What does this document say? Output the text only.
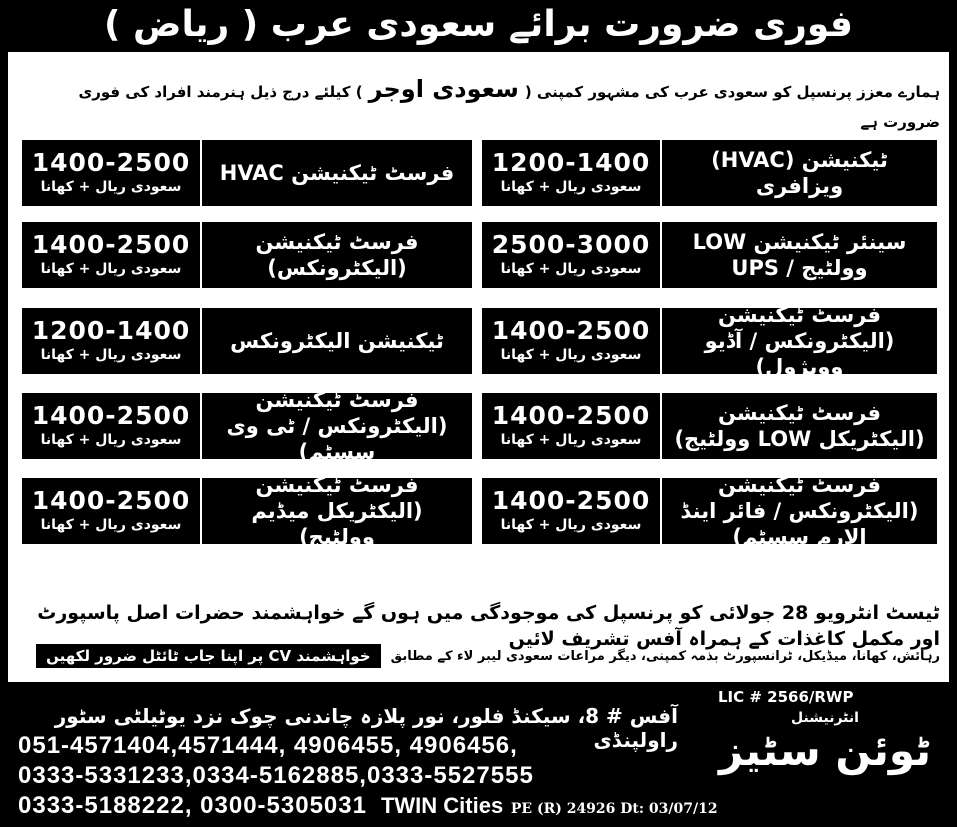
فوری ضرورت برائے سعودی عرب ( ریاض )
ہمارے معزز پرنسپل کو سعودی عرب کی مشہور کمپنی (سعودی اوجر) کیلئے درج ذیل ہنرمند افراد کی فوری ضرورت ہے
1200-1400
سعودی ریال + کھانا
ٹیکنیشن (HVAC) ویزافری
1400-2500
سعودی ریال + کھانا
فرسٹ ٹیکنیشن HVAC
2500-3000
سعودی ریال + کھانا
سینئر ٹیکنیشن LOW وولٹیج / UPS
1400-2500
سعودی ریال + کھانا
فرسٹ ٹیکنیشن (الیکٹرونکس)
1400-2500
سعودی ریال + کھانا
فرسٹ ٹیکنیشن (الیکٹرونکس / آڈیو وویژول)
1200-1400
سعودی ریال + کھانا
ٹیکنیشن الیکٹرونکس
1400-2500
سعودی ریال + کھانا
فرسٹ ٹیکنیشن (الیکٹریکل LOW وولٹیج)
1400-2500
سعودی ریال + کھانا
فرسٹ ٹیکنیشن (الیکٹرونکس / ٹی وی سسٹم)
1400-2500
سعودی ریال + کھانا
فرسٹ ٹیکنیشن (الیکٹرونکس / فائر اینڈ الارم سسٹم)
1400-2500
سعودی ریال + کھانا
فرسٹ ٹیکنیشن (الیکٹریکل میڈیم وولٹیج)
ٹیسٹ انٹرویو 28 جولائی کو پرنسپل کی موجودگی میں ہوں گے خواہشمند حضرات اصل پاسپورٹ اور مکمل کاغذات کے ہمراہ آفس تشریف لائیں
رہائش، کھانا، میڈیکل، ٹرانسپورٹ بذمہ کمپنی، دیگر مراعات سعودی لیبر لاء کے مطابق
خواہشمند CV پر اپنا جاب ٹائٹل ضرور لکھیں
LIC # 2566/RWP
آفس # 8، سیکنڈ فلور، نور پلازہ چاندنی چوک نزد یوٹیلٹی سٹور راولپنڈی
انٹرنیشنل
ٹوئن سٹیز
051-4571404,4571444, 4906455, 4906456,
0333-5331233,0334-5162885,0333-5527555
0333-5188222, 0300-5305031 TWIN Cities PE (R) 24926 Dt: 03/07/12
